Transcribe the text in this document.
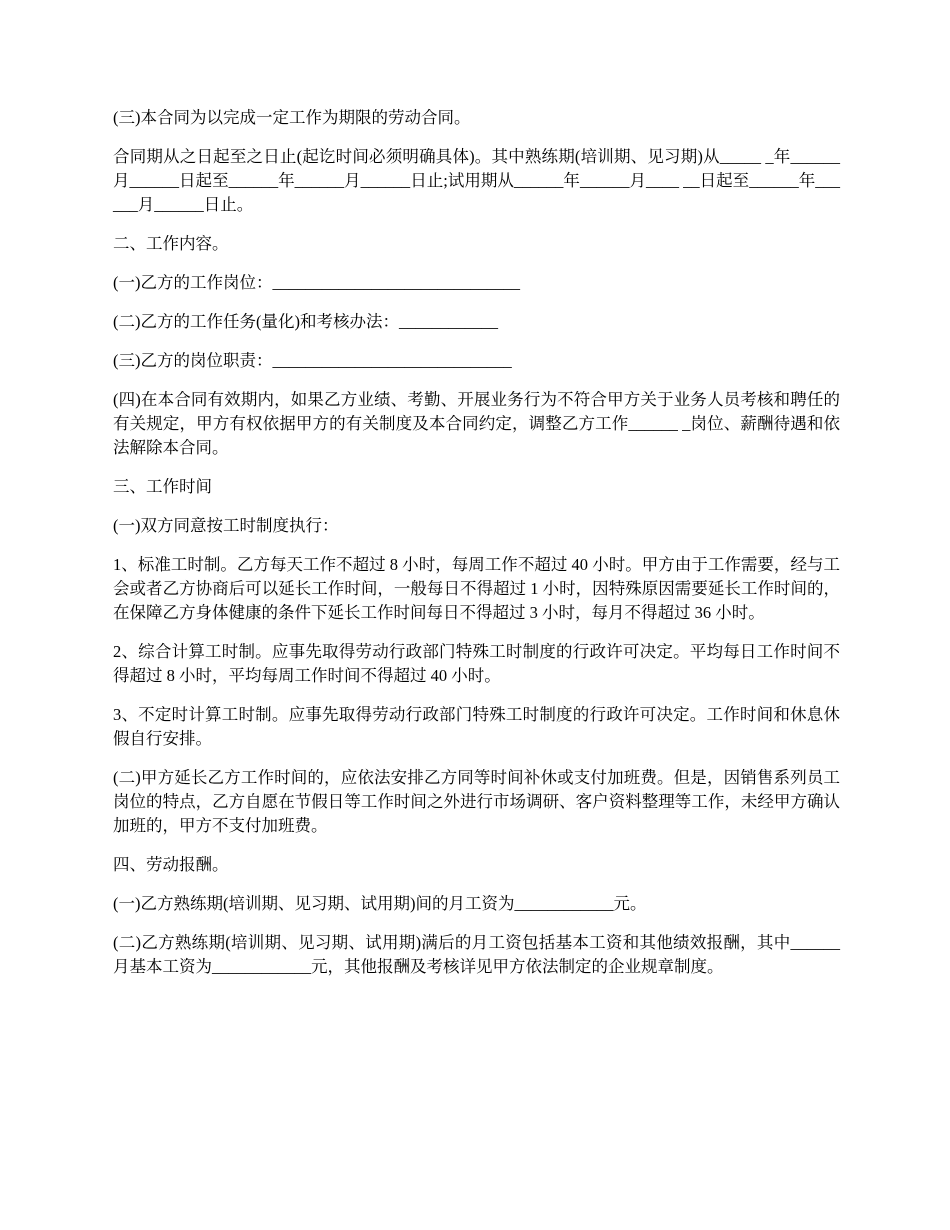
(三)本合同为以完成一定工作为期限的劳动合同。

合同期从之日起至之日止(起讫时间必须明确具体)。其中熟练期(培训期、见习期)从_____ _年______月______日起至______年______月______日止;试用期从______年______月____ __日起至______年______月______日止。

二、工作内容。

(一)乙方的工作岗位：______________________________

(二)乙方的工作任务(量化)和考核办法：____________

(三)乙方的岗位职责：_____________________________

(四)在本合同有效期内，如果乙方业绩、考勤、开展业务行为不符合甲方关于业务人员考核和聘任的有关规定，甲方有权依据甲方的有关制度及本合同约定，调整乙方工作______ _岗位、薪酬待遇和依法解除本合同。

三、工作时间

(一)双方同意按工时制度执行：

1、标准工时制。乙方每天工作不超过 8 小时，每周工作不超过 40 小时。甲方由于工作需要，经与工会或者乙方协商后可以延长工作时间，一般每日不得超过 1 小时，因特殊原因需要延长工作时间的，在保障乙方身体健康的条件下延长工作时间每日不得超过 3 小时，每月不得超过 36 小时。

2、综合计算工时制。应事先取得劳动行政部门特殊工时制度的行政许可决定。平均每日工作时间不得超过 8 小时，平均每周工作时间不得超过 40 小时。

3、不定时计算工时制。应事先取得劳动行政部门特殊工时制度的行政许可决定。工作时间和休息休假自行安排。

(二)甲方延长乙方工作时间的，应依法安排乙方同等时间补休或支付加班费。但是，因销售系列员工岗位的特点，乙方自愿在节假日等工作时间之外进行市场调研、客户资料整理等工作，未经甲方确认加班的，甲方不支付加班费。

四、劳动报酬。

(一)乙方熟练期(培训期、见习期、试用期)间的月工资为____________元。

(二)乙方熟练期(培训期、见习期、试用期)满后的月工资包括基本工资和其他绩效报酬，其中______月基本工资为____________元，其他报酬及考核详见甲方依法制定的企业规章制度。
